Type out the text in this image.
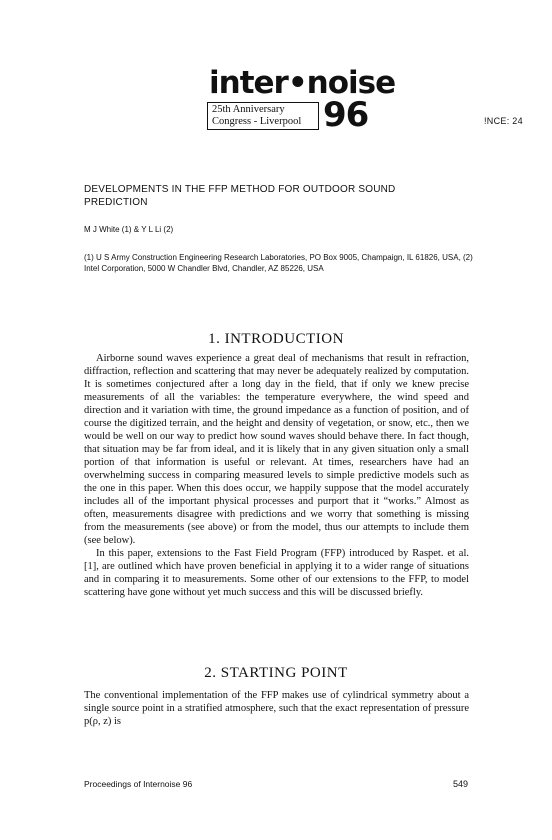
inter•noise
25th Anniversary
Congress - Liverpool 96	!NCE: 24
DEVELOPMENTS IN THE FFP METHOD FOR OUTDOOR SOUND PREDICTION
M J White (1) & Y L Li (2)
(1) U S Army Construction Engineering Research Laboratories, PO Box 9005, Champaign, IL 61826, USA, (2) Intel Corporation, 5000 W Chandler Blvd, Chandler, AZ 85226, USA
1. INTRODUCTION

Airborne sound waves experience a great deal of mechanisms that result in refraction, diffraction, reflection and scattering that may never be adequately realized by computation. It is sometimes conjectured after a long day in the field, that if only we knew precise measurements of all the variables: the temperature everywhere, the wind speed and direction and it variation with time, the ground impedance as a function of position, and of course the digitized terrain, and the height and density of vegetation, or snow, etc., then we would be well on our way to predict how sound waves should behave there. In fact though, that situation may be far from ideal, and it is likely that in any given situation only a small portion of that information is useful or relevant. At times, researchers have had an overwhelming success in comparing measured levels to simple predictive models such as the one in this paper. When this does occur, we happily suppose that the model accurately includes all of the important physical processes and purport that it “works.” Almost as often, measurements disagree with predictions and we worry that something is missing from the measurements (see above) or from the model, thus our attempts to include them (see below).

In this paper, extensions to the Fast Field Program (FFP) introduced by Raspet. et al. [1], are outlined which have proven beneficial in applying it to a wider range of situations and in comparing it to measurements. Some other of our extensions to the FFP, to model scattering have gone without yet much success and this will be discussed briefly.

2. STARTING POINT

The conventional implementation of the FFP makes use of cylindrical symmetry about a single source point in a stratified atmosphere, such that the exact representation of pressure p(ρ, z) is

Proceedings of Internoise 96	549
